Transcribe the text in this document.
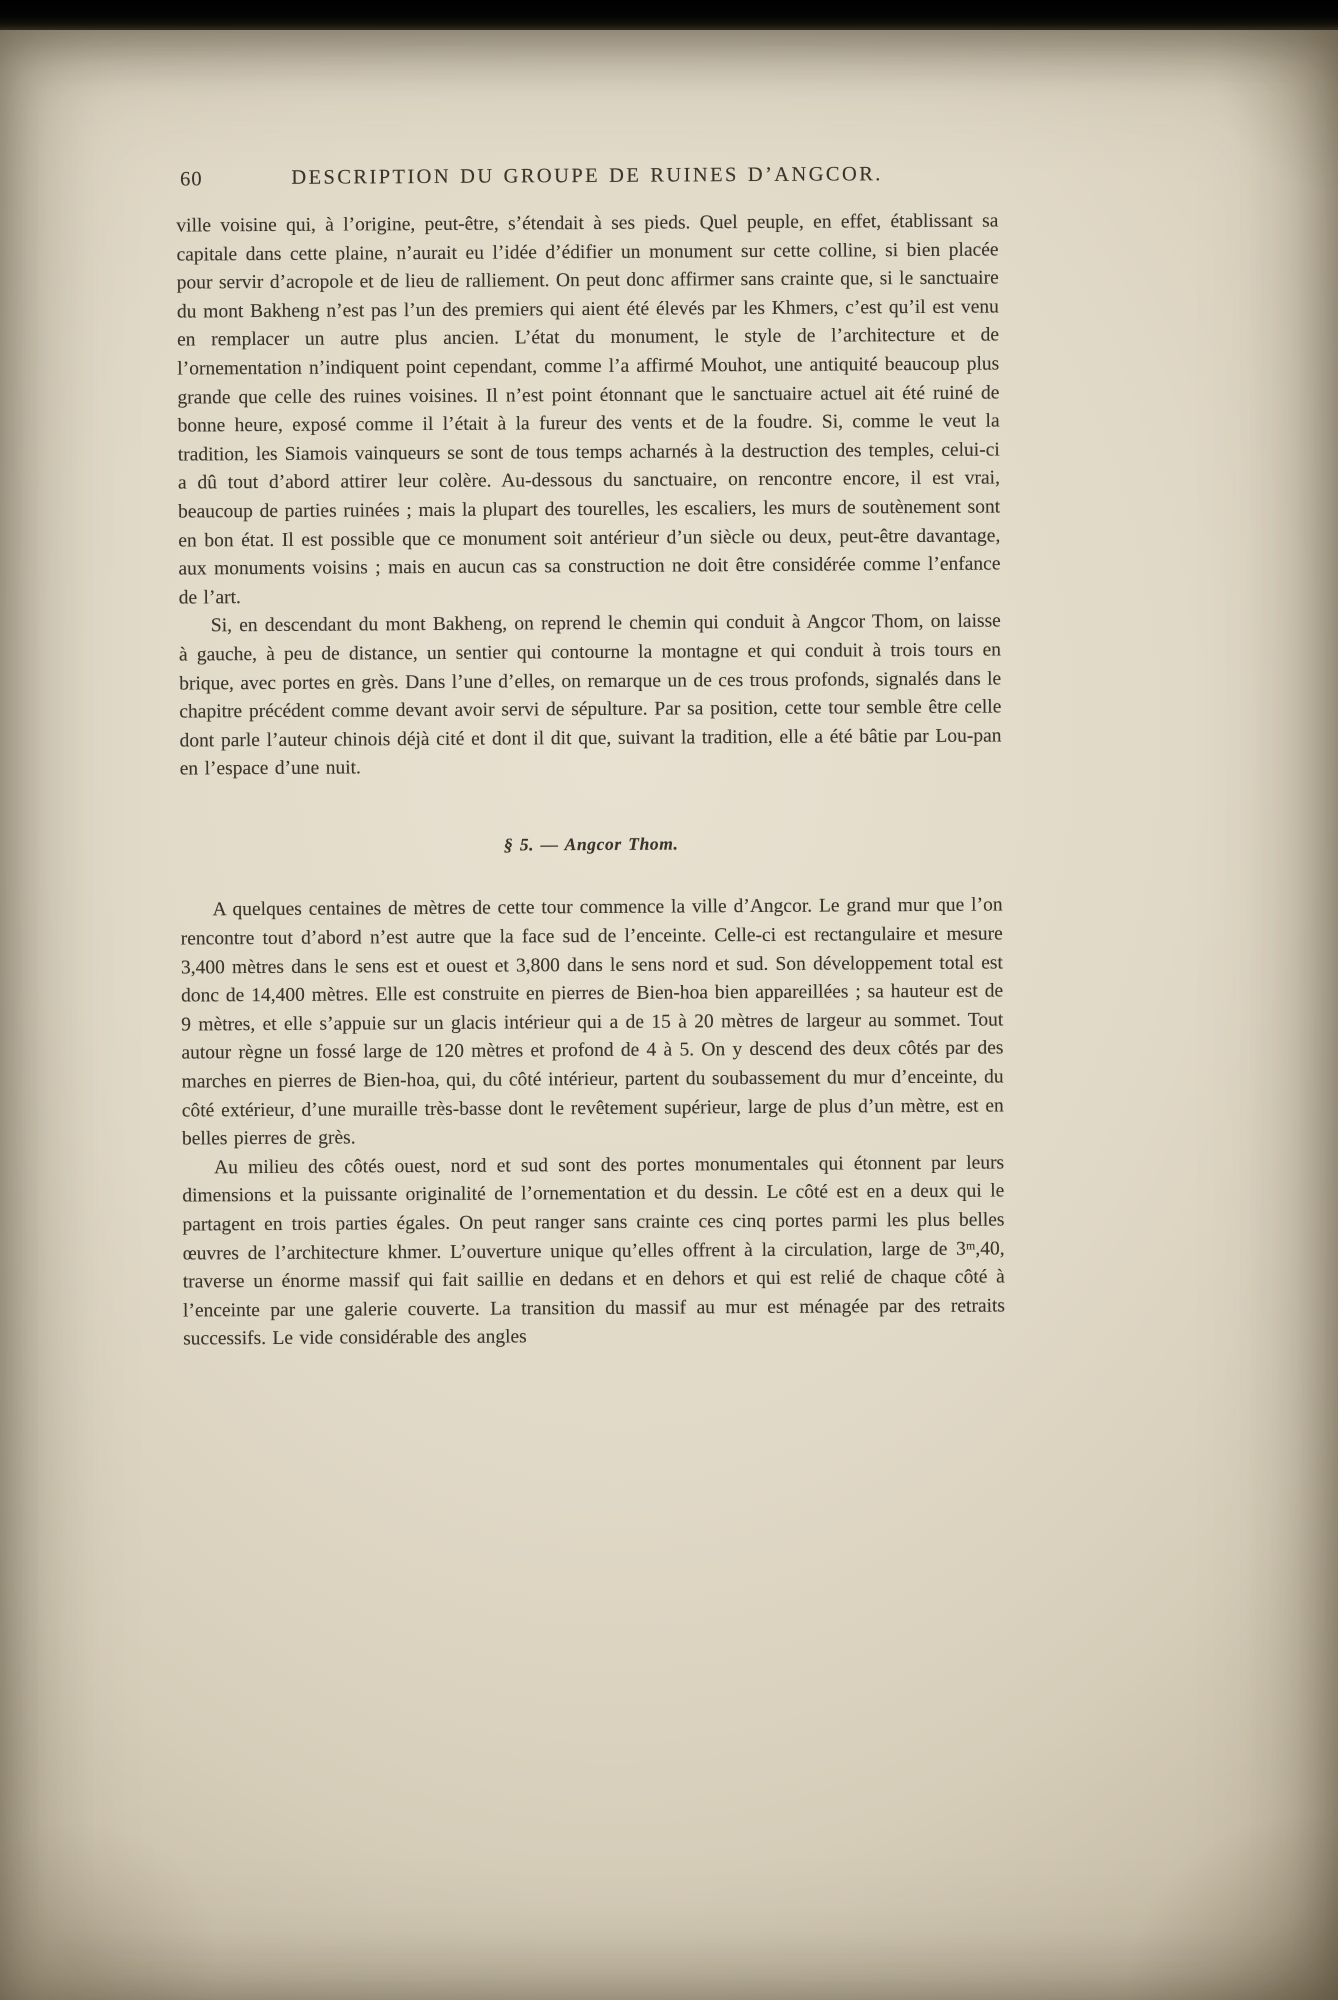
60	DESCRIPTION DU GROUPE DE RUINES D’ANGCOR.

ville voisine qui, à l’origine, peut-être, s’étendait à ses pieds. Quel peuple, en effet, établissant sa capitale dans cette plaine, n’aurait eu l’idée d’édifier un monument sur cette colline, si bien placée pour servir d’acropole et de lieu de ralliement. On peut donc affirmer sans crainte que, si le sanctuaire du mont Bakheng n’est pas l’un des premiers qui aient été élevés par les Khmers, c’est qu’il est venu en remplacer un autre plus ancien. L’état du monument, le style de l’architecture et de l’ornementation n’indiquent point cependant, comme l’a affirmé Mouhot, une antiquité beaucoup plus grande que celle des ruines voisines. Il n’est point étonnant que le sanctuaire actuel ait été ruiné de bonne heure, exposé comme il l’était à la fureur des vents et de la foudre. Si, comme le veut la tradition, les Siamois vainqueurs se sont de tous temps acharnés à la destruction des temples, celui-ci a dû tout d’abord attirer leur colère. Au-dessous du sanctuaire, on rencontre encore, il est vrai, beaucoup de parties ruinées ; mais la plupart des tourelles, les escaliers, les murs de soutènement sont en bon état. Il est possible que ce monument soit antérieur d’un siècle ou deux, peut-être davantage, aux monuments voisins ; mais en aucun cas sa construction ne doit être considérée comme l’enfance de l’art.

Si, en descendant du mont Bakheng, on reprend le chemin qui conduit à Angcor Thom, on laisse à gauche, à peu de distance, un sentier qui contourne la montagne et qui conduit à trois tours en brique, avec portes en grès. Dans l’une d’elles, on remarque un de ces trous profonds, signalés dans le chapitre précédent comme devant avoir servi de sépulture. Par sa position, cette tour semble être celle dont parle l’auteur chinois déjà cité et dont il dit que, suivant la tradition, elle a été bâtie par Lou-pan en l’espace d’une nuit.

§ 5. — Angcor Thom.

A quelques centaines de mètres de cette tour commence la ville d’Angcor. Le grand mur que l’on rencontre tout d’abord n’est autre que la face sud de l’enceinte. Celle-ci est rectangulaire et mesure 3,400 mètres dans le sens est et ouest et 3,800 dans le sens nord et sud. Son développement total est donc de 14,400 mètres. Elle est construite en pierres de Bien-hoa bien appareillées ; sa hauteur est de 9 mètres, et elle s’appuie sur un glacis intérieur qui a de 15 à 20 mètres de largeur au sommet. Tout autour règne un fossé large de 120 mètres et profond de 4 à 5. On y descend des deux côtés par des marches en pierres de Bien-hoa, qui, du côté intérieur, partent du soubassement du mur d’enceinte, du côté extérieur, d’une muraille très-basse dont le revêtement supérieur, large de plus d’un mètre, est en belles pierres de grès.

Au milieu des côtés ouest, nord et sud sont des portes monumentales qui étonnent par leurs dimensions et la puissante originalité de l’ornementation et du dessin. Le côté est en a deux qui le partagent en trois parties égales. On peut ranger sans crainte ces cinq portes parmi les plus belles œuvres de l’architecture khmer. L’ouverture unique qu’elles offrent à la circulation, large de 3ᵐ,40, traverse un énorme massif qui fait saillie en dedans et en dehors et qui est relié de chaque côté à l’enceinte par une galerie couverte. La transition du massif au mur est ménagée par des retraits successifs. Le vide considérable des angles
